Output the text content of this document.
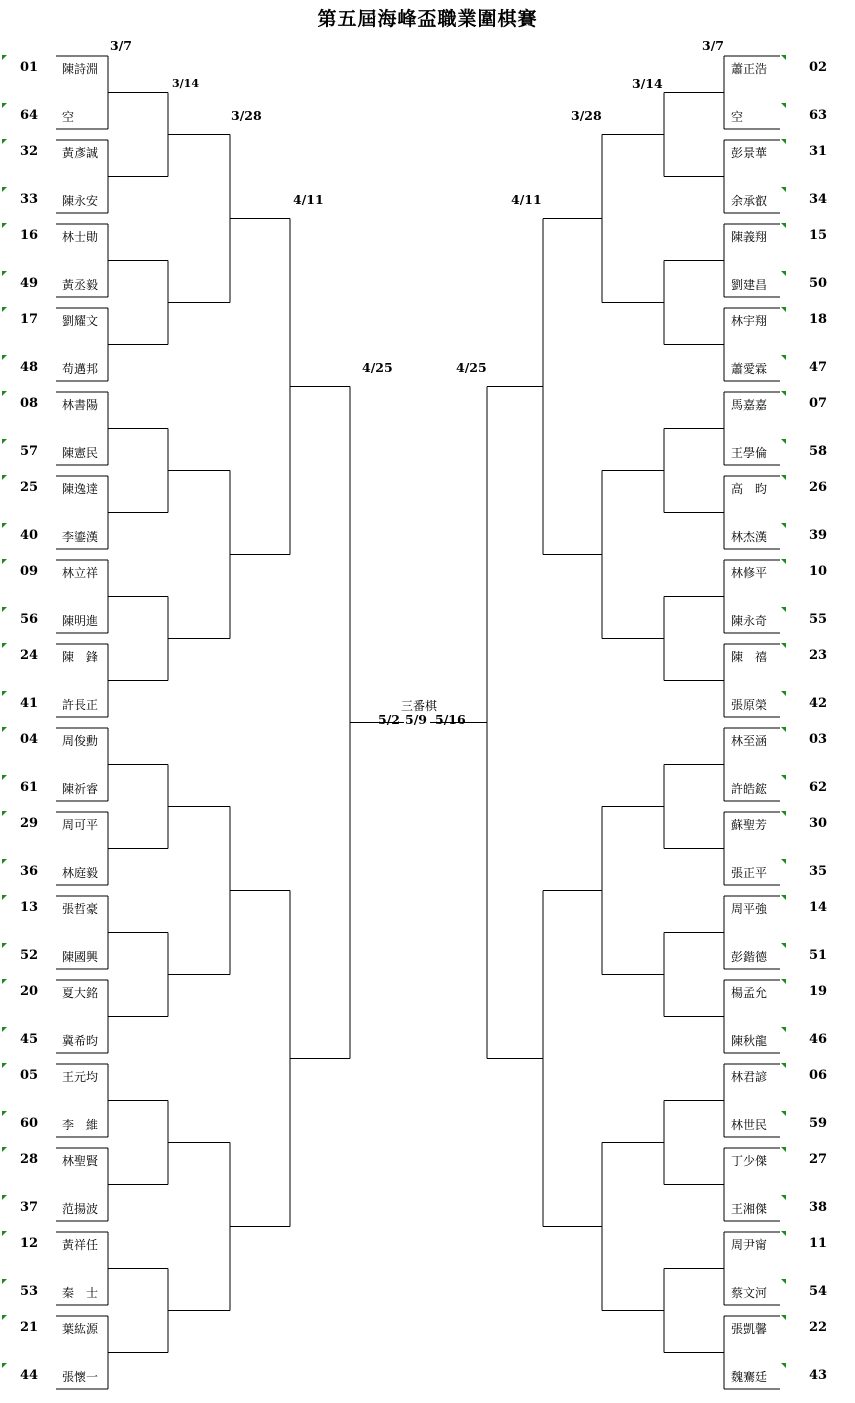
第五屆海峰盃職業圍棋賽
01 陳詩淵	02
蕭正浩
64 空	63
空
32 黃彥誠	31
彭景華
33 陳永安	34
余承叡
16 林士勛	15
陳義翔
49 黃丞毅	50
劉建昌
17 劉耀文	18
林宇翔
48 苟邁邦	47
蕭愛霖
08 林書陽	07
馬嘉嘉
57 陳憲民	58
王學倫
25 陳逸達	26
高　昀
40 李鎏漢	39
林杰漢
09 林立祥	10
林修平
56 陳明進	55
陳永奇
24 陳　鋒	23
陳　禧
41 許長正	42
張原榮
04 周俊勳	03
林至涵
61 陳祈睿	62
許皓鋐
29 周可平	30
蘇聖芳
36 林庭毅	35
張正平
13 張哲豪	14
周平強
52 陳國興	51
彭鍇德
20 夏大銘	19
楊孟允
45 冀希昀	46
陳秋龍
05 王元均	06
林君諺
60 李　維	59
林世民
28 林聖賢	27
丁少傑
37 范揚波	38
王湘傑
12 黃祥任	11
周尹甯
53 秦　士	54
蔡文河
21 葉紘源	22
張凱馨
44 張懷一	43
魏騫廷
3/7
3/14
3/28
4/11
4/25
3/7
3/14
3/28
4/11
4/25
三番棋
5/2 5/9 5/16
